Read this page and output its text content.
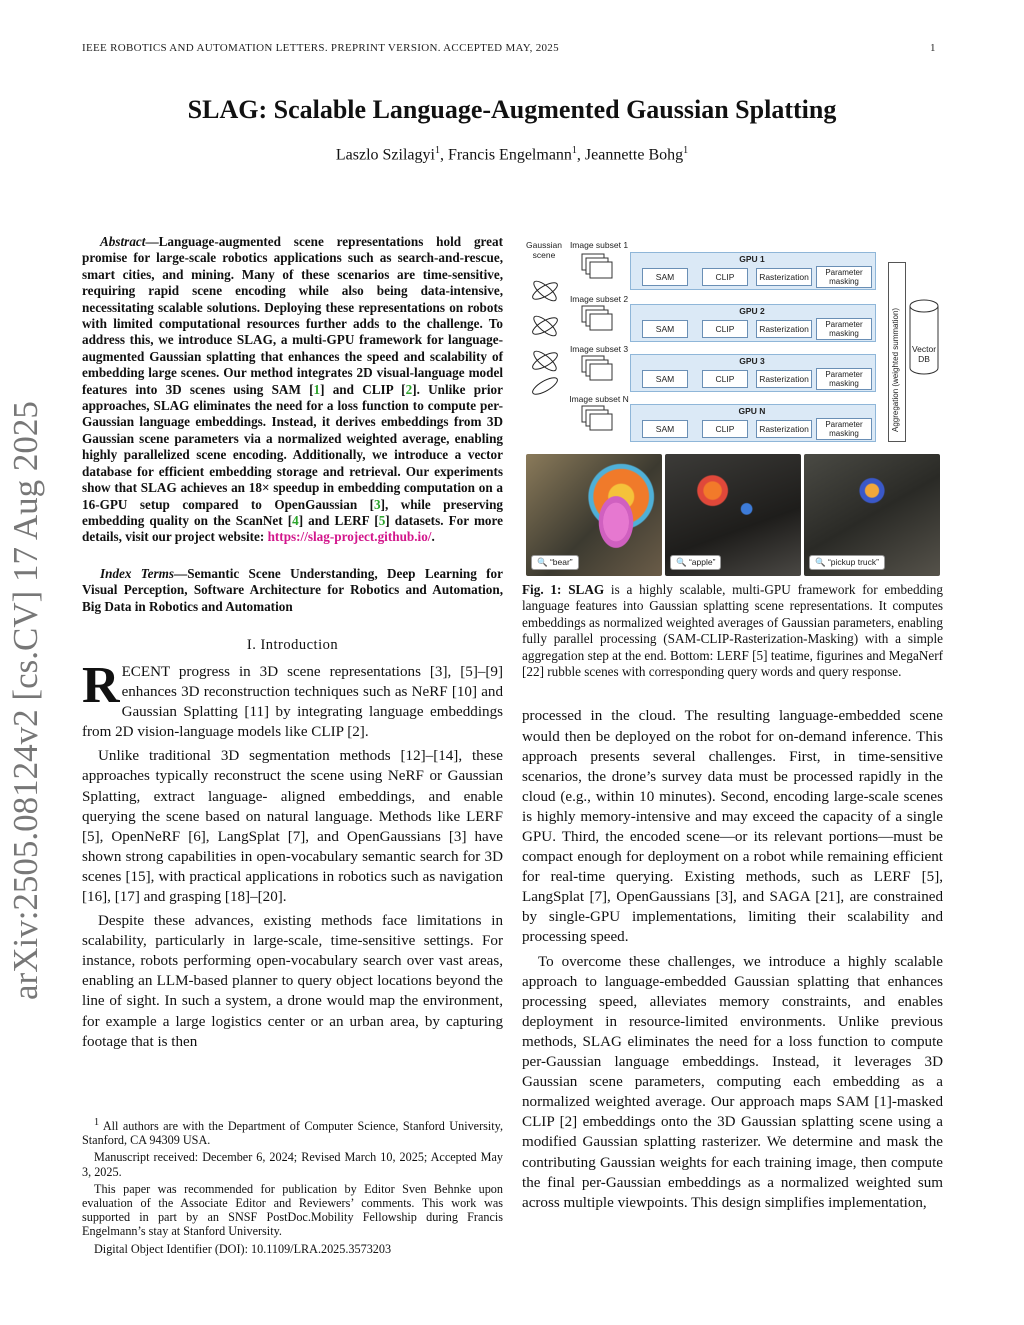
IEEE ROBOTICS AND AUTOMATION LETTERS. PREPRINT VERSION. ACCEPTED MAY, 2025	1
SLAG: Scalable Language-Augmented Gaussian Splatting
Laszlo Szilagyi$^1$, Francis Engelmann$^1$, Jeannette Bohg$^1$
arXiv:2505.08124v2 [cs.CV] 17 Aug 2025

Abstract—Language-augmented scene representations hold great promise for large-scale robotics applications such as search-and-rescue, smart cities, and mining. Many of these scenarios are time-sensitive, requiring rapid scene encoding while also being data-intensive, necessitating scalable solutions. Deploying these representations on robots with limited computational resources further adds to the challenge. To address this, we introduce SLAG, a multi-GPU framework for language-augmented Gaussian splatting that enhances the speed and scalability of embedding large scenes. Our method integrates 2D visual-language model features into 3D scenes using SAM [1] and CLIP [2]. Unlike prior approaches, SLAG eliminates the need for a loss function to compute per-Gaussian language embeddings. Instead, it derives embeddings from 3D Gaussian scene parameters via a normalized weighted average, enabling highly parallelized scene encoding. Additionally, we introduce a vector database for efficient embedding storage and retrieval. Our experiments show that SLAG achieves an 18× speedup in embedding computation on a 16-GPU setup compared to OpenGaussian [3], while preserving embedding quality on the ScanNet [4] and LERF [5] datasets. For more details, visit our project website: https://slag-project.github.io/.

Index Terms—Semantic Scene Understanding, Deep Learning for Visual Perception, Software Architecture for Robotics and Automation, Big Data in Robotics and Automation

I. Introduction

RECENT progress in 3D scene representations [3], [5]–[9] enhances 3D reconstruction techniques such as NeRF [10] and Gaussian Splatting [11] by integrating language embeddings from 2D vision-language models like CLIP [2].

Unlike traditional 3D segmentation methods [12]–[14], these approaches typically reconstruct the scene using NeRF or Gaussian Splatting, extract language- aligned embeddings, and enable querying the scene based on natural language. Methods like LERF [5], OpenNeRF [6], LangSplat [7], and OpenGaussians [3] have shown strong capabilities in open-vocabulary semantic search for 3D scenes [15], with practical applications in robotics such as navigation [16], [17] and grasping [18]–[20].

Despite these advances, existing methods face limitations in scalability, particularly in large-scale, time-sensitive settings. For instance, robots performing open-vocabulary search over vast areas, enabling an LLM-based planner to query object locations beyond the line of sight. In such a system, a drone would map the environment, for example a large logistics center or an urban area, by capturing footage that is then

$^1$ All authors are with the Department of Computer Science, Stanford University, Stanford, CA 94309 USA.

Manuscript received: December 6, 2024; Revised March 10, 2025; Accepted May 3, 2025.

This paper was recommended for publication by Editor Sven Behnke upon evaluation of the Associate Editor and Reviewers’ comments. This work was supported in part by an SNSF PostDoc.Mobility Fellowship during Francis Engelmann’s stay at Stanford University.

Digital Object Identifier (DOI): 10.1109/LRA.2025.3573203

Gaussian scene
Image subset 1
GPU 1
SAM	CLIP	Rasterization	Parameter masking
Image subset 2
GPU 2
SAM	CLIP	Rasterization	Parameter masking
Image subset 3
GPU 3
SAM	CLIP	Rasterization	Parameter masking
Image subset N
GPU N
SAM	CLIP	Rasterization	Parameter masking
Aggregation (weighted summation)	Vector DB
🔍 “bear”	🔍 “apple”	🔍 “pickup truck”
Fig. 1: SLAG is a highly scalable, multi-GPU framework for embedding language features into Gaussian splatting scene representations. It computes embeddings as normalized weighted averages of Gaussian parameters, enabling fully parallel processing (SAM-CLIP-Rasterization-Masking) with a simple aggregation step at the end. Bottom: LERF [5] teatime, figurines and MegaNerf [22] rubble scenes with corresponding query words and query response.

processed in the cloud. The resulting language-embedded scene would then be deployed on the robot for on-demand inference. This approach presents several challenges. First, in time-sensitive scenarios, the drone’s survey data must be processed rapidly in the cloud (e.g., within 10 minutes). Second, encoding large-scale scenes is highly memory-intensive and may exceed the capacity of a single GPU. Third, the encoded scene—or its relevant portions—must be compact enough for deployment on a robot while remaining efficient for real-time querying. Existing methods, such as LERF [5], LangSplat [7], OpenGaussians [3], and SAGA [21], are constrained by single-GPU implementations, limiting their scalability and processing speed.

To overcome these challenges, we introduce a highly scalable approach to language-embedded Gaussian splatting that enhances processing speed, alleviates memory constraints, and enables deployment in resource-limited environments. Unlike previous methods, SLAG eliminates the need for a loss function to compute per-Gaussian language embeddings. Instead, it leverages 3D Gaussian scene parameters, computing each embedding as a normalized weighted average. Our approach maps SAM [1]-masked CLIP [2] embeddings onto the 3D Gaussian splatting scene using a modified Gaussian splatting rasterizer. We determine and mask the contributing Gaussian weights for each training image, then compute the final per-Gaussian embeddings as a normalized weighted sum across multiple viewpoints. This design simplifies implementation,
